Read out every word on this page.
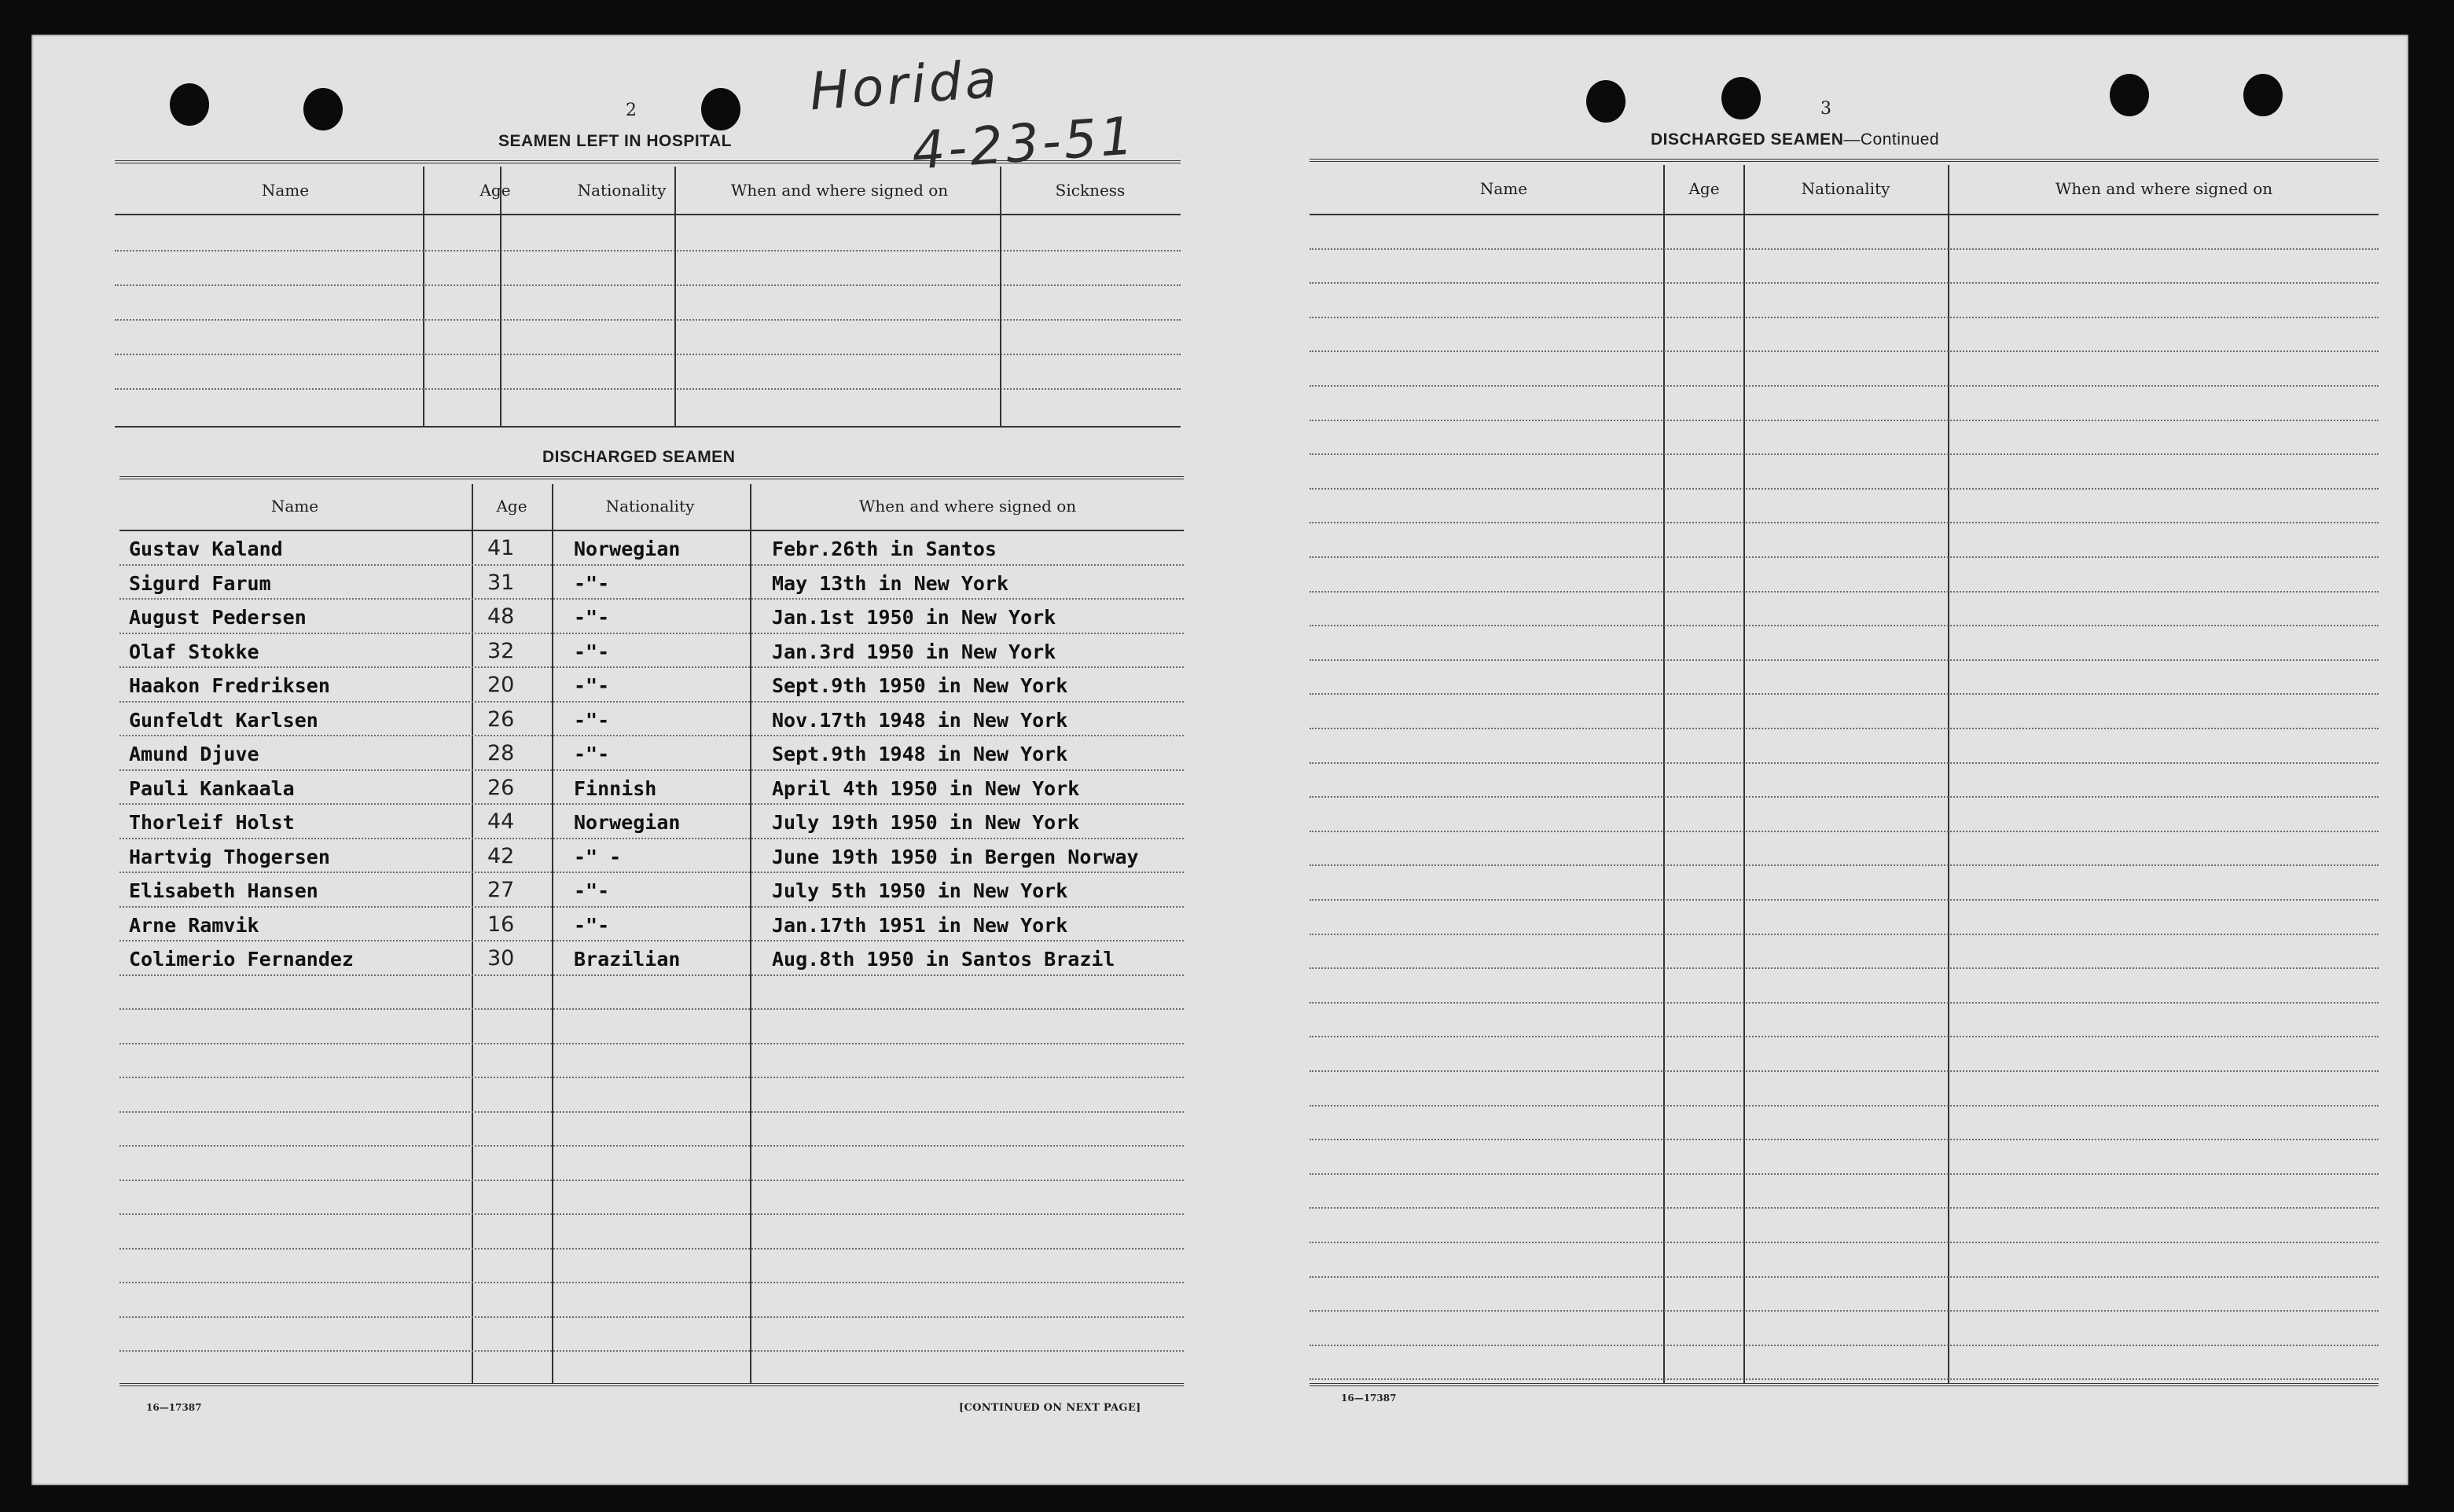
2	Horida
4-23-51
SEAMEN LEFT IN HOSPITAL
Name	Age	Nationality	When and where signed on	Sickness
DISCHARGED SEAMEN
Name	Age	Nationality	When and where signed on
Gustav Kaland	41	Norwegian	Febr.26th in Santos
Sigurd Farum	31	-"-	May 13th in New York
August Pedersen	48	-"-	Jan.1st 1950 in New York
Olaf Stokke	32	-"-	Jan.3rd 1950 in New York
Haakon Fredriksen	20	-"-	Sept.9th 1950 in New York
Gunfeldt Karlsen	26	-"-	Nov.17th 1948 in New York
Amund Djuve	28	-"-	Sept.9th 1948 in New York
Pauli Kankaala	26	Finnish	April 4th 1950 in New York
Thorleif Holst	44	Norwegian	July 19th 1950 in New York
Hartvig Thogersen	42	-" -	June 19th 1950 in Bergen Norway
Elisabeth Hansen	27	-"-	July 5th 1950 in New York
Arne Ramvik	16	-"-	Jan.17th 1951 in New York
Colimerio Fernandez	30	Brazilian	Aug.8th 1950 in Santos Brazil
16—17387	[CONTINUED ON NEXT PAGE]
3
DISCHARGED SEAMEN—Continued
Name	Age	Nationality	When and where signed on
16—17387
